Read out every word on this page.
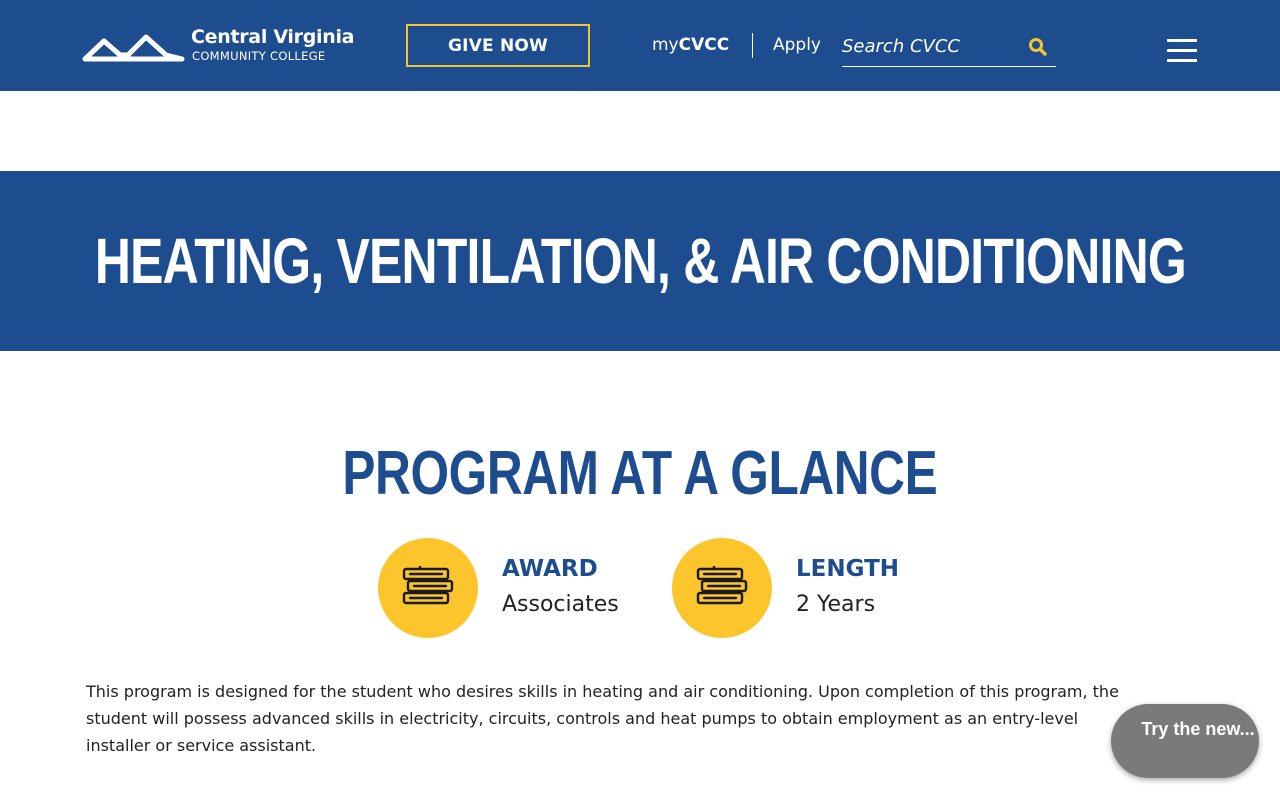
Central Virginia
COMMUNITY COLLEGE
GIVE NOW	myCVCC	Apply
Search CVCC
HEATING, VENTILATION, & AIR CONDITIONING
PROGRAM AT A GLANCE
AWARD
Associates
LENGTH
2 Years

This program is designed for the student who desires skills in heating and air conditioning. Upon completion of this program, the student will possess advanced skills in electricity, circuits, controls and heat pumps to obtain employment as an entry-level installer or service assistant.

Try the new...
